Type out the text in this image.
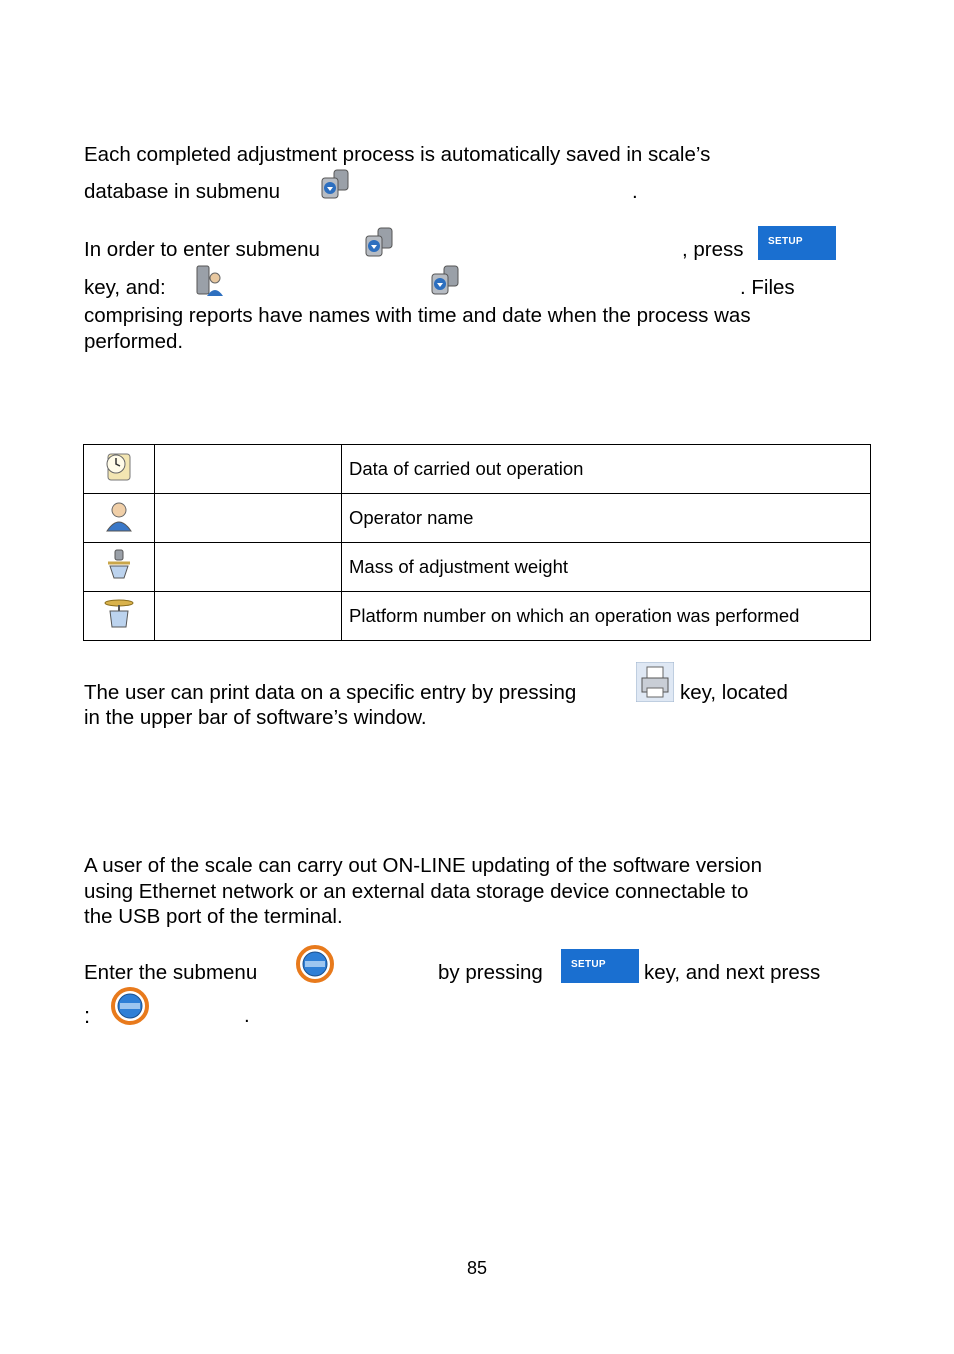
Each completed adjustment process is automatically saved in scale’s
database in submenu	.
In order to enter submenu	, press SETUP
key, and:	. Files
comprising reports have names with time and date when the process was
performed.
		Data of carried out operation
		Operator name
		Mass of adjustment weight
		Platform number on which an operation was performed
The user can print data on a specific entry by pressing	key, located
in the upper bar of software’s window.
A user of the scale can carry out ON-LINE updating of the software version
using Ethernet network or an external data storage device connectable to
the USB port of the terminal.
Enter the submenu	by pressing	SETUP key, and next press
:	.
85
